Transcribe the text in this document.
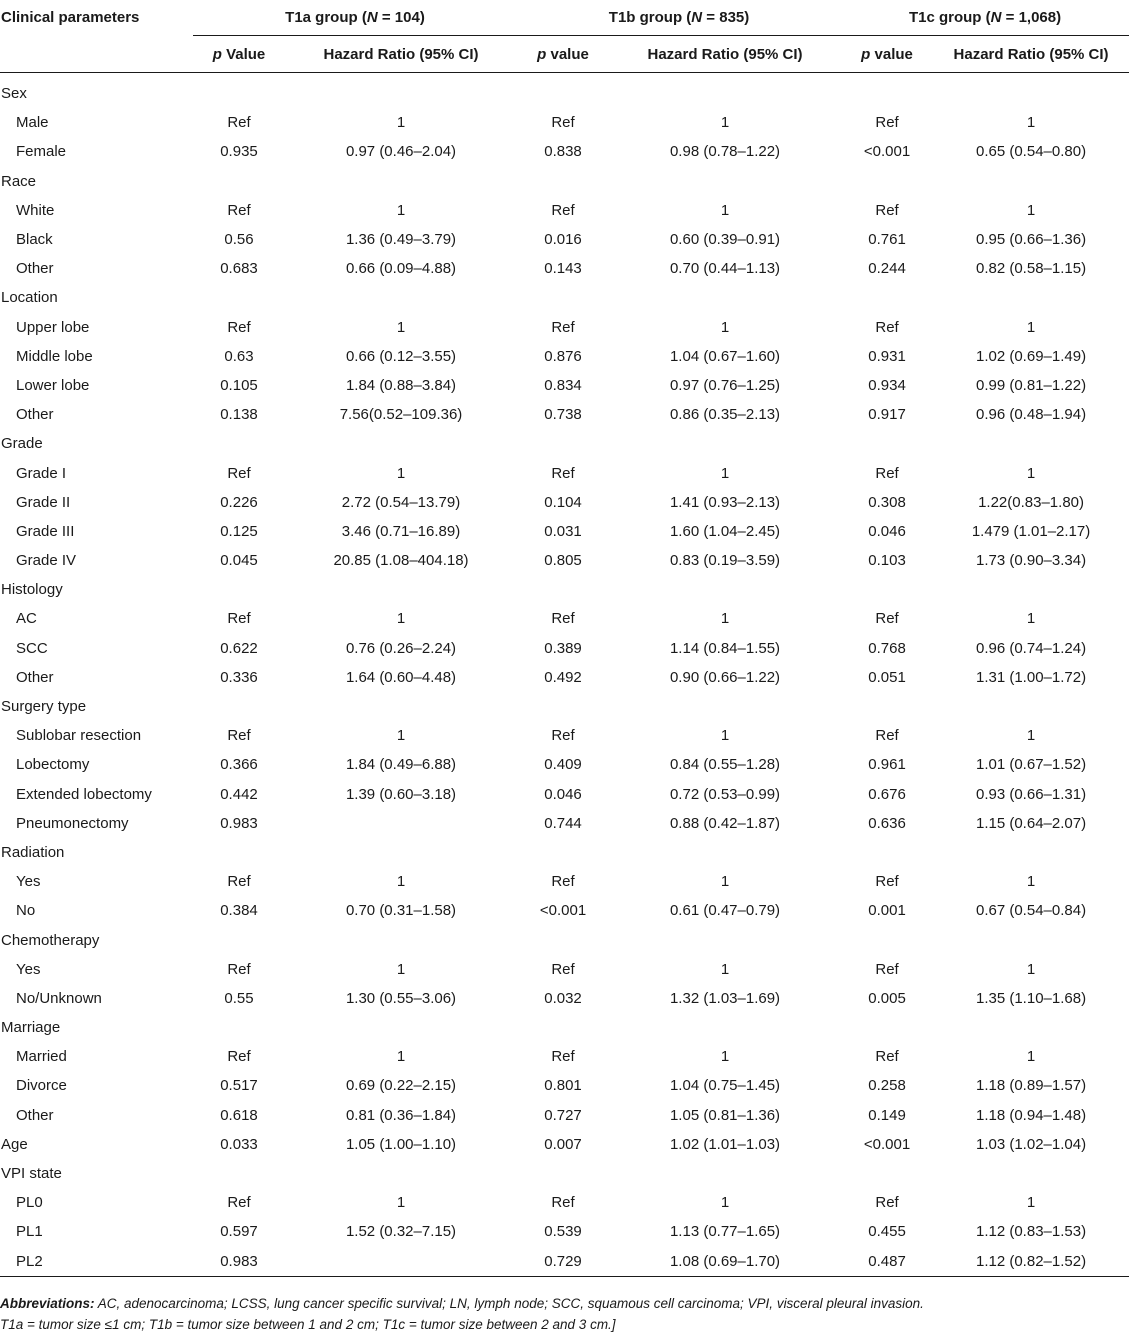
Clinical parameters	T1a group (N = 104)		T1b group (N = 835)		T1c group (N = 1,068)	
	p Value	Hazard Ratio (95% CI)	p value	Hazard Ratio (95% CI)	p value	Hazard Ratio (95% CI)
Sex						
Male	Ref	1	Ref	1	Ref	1
Female	0.935	0.97 (0.46–2.04)	0.838	0.98 (0.78–1.22)	<0.001	0.65 (0.54–0.80)
Race						
White	Ref	1	Ref	1	Ref	1
Black	0.56	1.36 (0.49–3.79)	0.016	0.60 (0.39–0.91)	0.761	0.95 (0.66–1.36)
Other	0.683	0.66 (0.09–4.88)	0.143	0.70 (0.44–1.13)	0.244	0.82 (0.58–1.15)
Location						
Upper lobe	Ref	1	Ref	1	Ref	1
Middle lobe	0.63	0.66 (0.12–3.55)	0.876	1.04 (0.67–1.60)	0.931	1.02 (0.69–1.49)
Lower lobe	0.105	1.84 (0.88–3.84)	0.834	0.97 (0.76–1.25)	0.934	0.99 (0.81–1.22)
Other	0.138	7.56(0.52–109.36)	0.738	0.86 (0.35–2.13)	0.917	0.96 (0.48–1.94)
Grade						
Grade I	Ref	1	Ref	1	Ref	1
Grade II	0.226	2.72 (0.54–13.79)	0.104	1.41 (0.93–2.13)	0.308	1.22(0.83–1.80)
Grade III	0.125	3.46 (0.71–16.89)	0.031	1.60 (1.04–2.45)	0.046	1.479 (1.01–2.17)
Grade IV	0.045	20.85 (1.08–404.18)	0.805	0.83 (0.19–3.59)	0.103	1.73 (0.90–3.34)
Histology						
AC	Ref	1	Ref	1	Ref	1
SCC	0.622	0.76 (0.26–2.24)	0.389	1.14 (0.84–1.55)	0.768	0.96 (0.74–1.24)
Other	0.336	1.64 (0.60–4.48)	0.492	0.90 (0.66–1.22)	0.051	1.31 (1.00–1.72)
Surgery type						
Sublobar resection	Ref	1	Ref	1	Ref	1
Lobectomy	0.366	1.84 (0.49–6.88)	0.409	0.84 (0.55–1.28)	0.961	1.01 (0.67–1.52)
Extended lobectomy	0.442	1.39 (0.60–3.18)	0.046	0.72 (0.53–0.99)	0.676	0.93 (0.66–1.31)
Pneumonectomy	0.983		0.744	0.88 (0.42–1.87)	0.636	1.15 (0.64–2.07)
Radiation						
Yes	Ref	1	Ref	1	Ref	1
No	0.384	0.70 (0.31–1.58)	<0.001	0.61 (0.47–0.79)	0.001	0.67 (0.54–0.84)
Chemotherapy						
Yes	Ref	1	Ref	1	Ref	1
No/Unknown	0.55	1.30 (0.55–3.06)	0.032	1.32 (1.03–1.69)	0.005	1.35 (1.10–1.68)
Marriage						
Married	Ref	1	Ref	1	Ref	1
Divorce	0.517	0.69 (0.22–2.15)	0.801	1.04 (0.75–1.45)	0.258	1.18 (0.89–1.57)
Other	0.618	0.81 (0.36–1.84)	0.727	1.05 (0.81–1.36)	0.149	1.18 (0.94–1.48)
Age	0.033	1.05 (1.00–1.10)	0.007	1.02 (1.01–1.03)	<0.001	1.03 (1.02–1.04)
VPI state						
PL0	Ref	1	Ref	1	Ref	1
PL1	0.597	1.52 (0.32–7.15)	0.539	1.13 (0.77–1.65)	0.455	1.12 (0.83–1.53)
PL2	0.983		0.729	1.08 (0.69–1.70)	0.487	1.12 (0.82–1.52)
Abbreviations: AC, adenocarcinoma; LCSS, lung cancer specific survival; LN, lymph node; SCC, squamous cell carcinoma; VPI, visceral pleural invasion.
T1a = tumor size ≤1 cm; T1b = tumor size between 1 and 2 cm; T1c = tumor size between 2 and 3 cm.]
